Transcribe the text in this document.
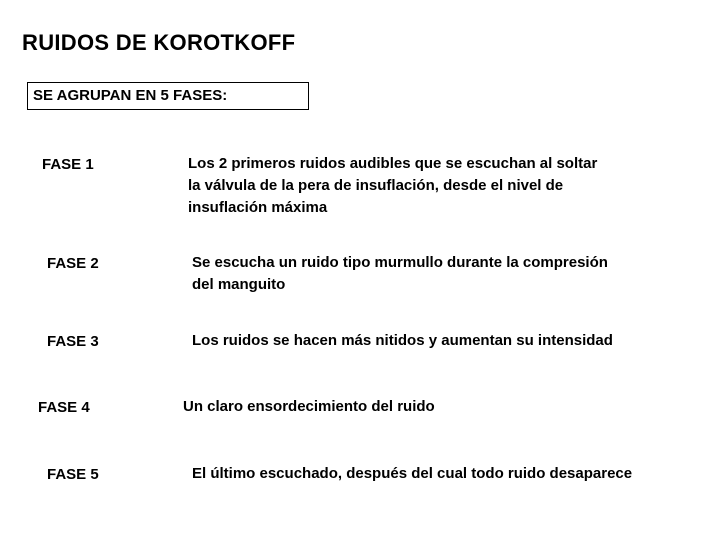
RUIDOS DE KOROTKOFF
SE AGRUPAN EN 5 FASES:
FASE 1	Los 2 primeros ruidos audibles que se escuchan al soltar
la válvula de la pera de insuflación, desde el nivel de
insuflación máxima
FASE 2	Se escucha un ruido tipo murmullo durante la compresión
del manguito
FASE 3	Los ruidos se hacen más nitidos y aumentan su intensidad
FASE 4	Un claro ensordecimiento del ruido
FASE 5	El último escuchado, después del cual todo ruido desaparece
